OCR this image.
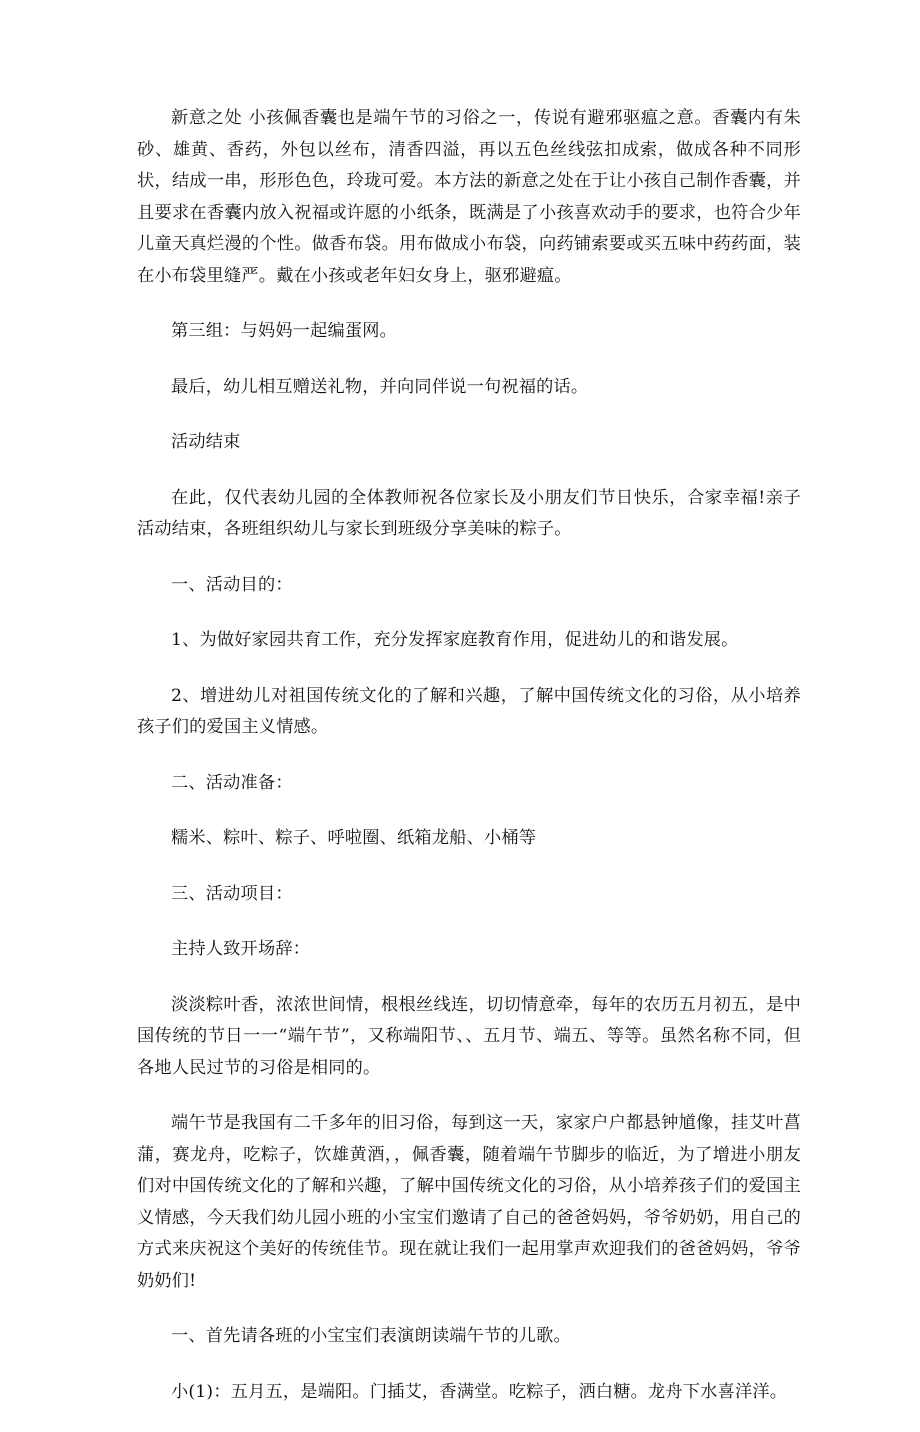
新意之处 小孩佩香囊也是端午节的习俗之一，传说有避邪驱瘟之意。香囊内有朱砂、雄黄、香药，外包以丝布，清香四溢，再以五色丝线弦扣成索，做成各种不同形状，结成一串，形形色色，玲珑可爱。本方法的新意之处在于让小孩自己制作香囊，并且要求在香囊内放入祝福或许愿的小纸条，既满是了小孩喜欢动手的要求，也符合少年儿童天真烂漫的个性。做香布袋。用布做成小布袋，向药铺索要或买五味中药药面，装在小布袋里缝严。戴在小孩或老年妇女身上，驱邪避瘟。

第三组：与妈妈一起编蛋网。

最后，幼儿相互赠送礼物，并向同伴说一句祝福的话。

活动结束

在此，仅代表幼儿园的全体教师祝各位家长及小朋友们节日快乐，合家幸福!亲子活动结束，各班组织幼儿与家长到班级分享美味的粽子。

一、活动目的：

1、为做好家园共育工作，充分发挥家庭教育作用，促进幼儿的和谐发展。

2、增进幼儿对祖国传统文化的了解和兴趣，了解中国传统文化的习俗，从小培养孩子们的爱国主义情感。

二、活动准备：

糯米、粽叶、粽子、呼啦圈、纸箱龙船、小桶等

三、活动项目：

主持人致开场辞：

淡淡粽叶香，浓浓世间情，根根丝线连，切切情意牵，每年的农历五月初五，是中国传统的节日一一“端午节”，又称端阳节、、五月节、端五、等等。虽然名称不同，但各地人民过节的习俗是相同的。

端午节是我国有二千多年的旧习俗，每到这一天，家家户户都悬钟馗像，挂艾叶菖蒲，赛龙舟，吃粽子，饮雄黄酒，，佩香囊，随着端午节脚步的临近，为了增进小朋友们对中国传统文化的了解和兴趣，了解中国传统文化的习俗，从小培养孩子们的爱国主义情感，今天我们幼儿园小班的小宝宝们邀请了自己的爸爸妈妈，爷爷奶奶，用自己的方式来庆祝这个美好的传统佳节。现在就让我们一起用掌声欢迎我们的爸爸妈妈，爷爷奶奶们!

一、首先请各班的小宝宝们表演朗读端午节的儿歌。

小(1)：五月五，是端阳。门插艾，香满堂。吃粽子，洒白糖。龙舟下水喜洋洋。
